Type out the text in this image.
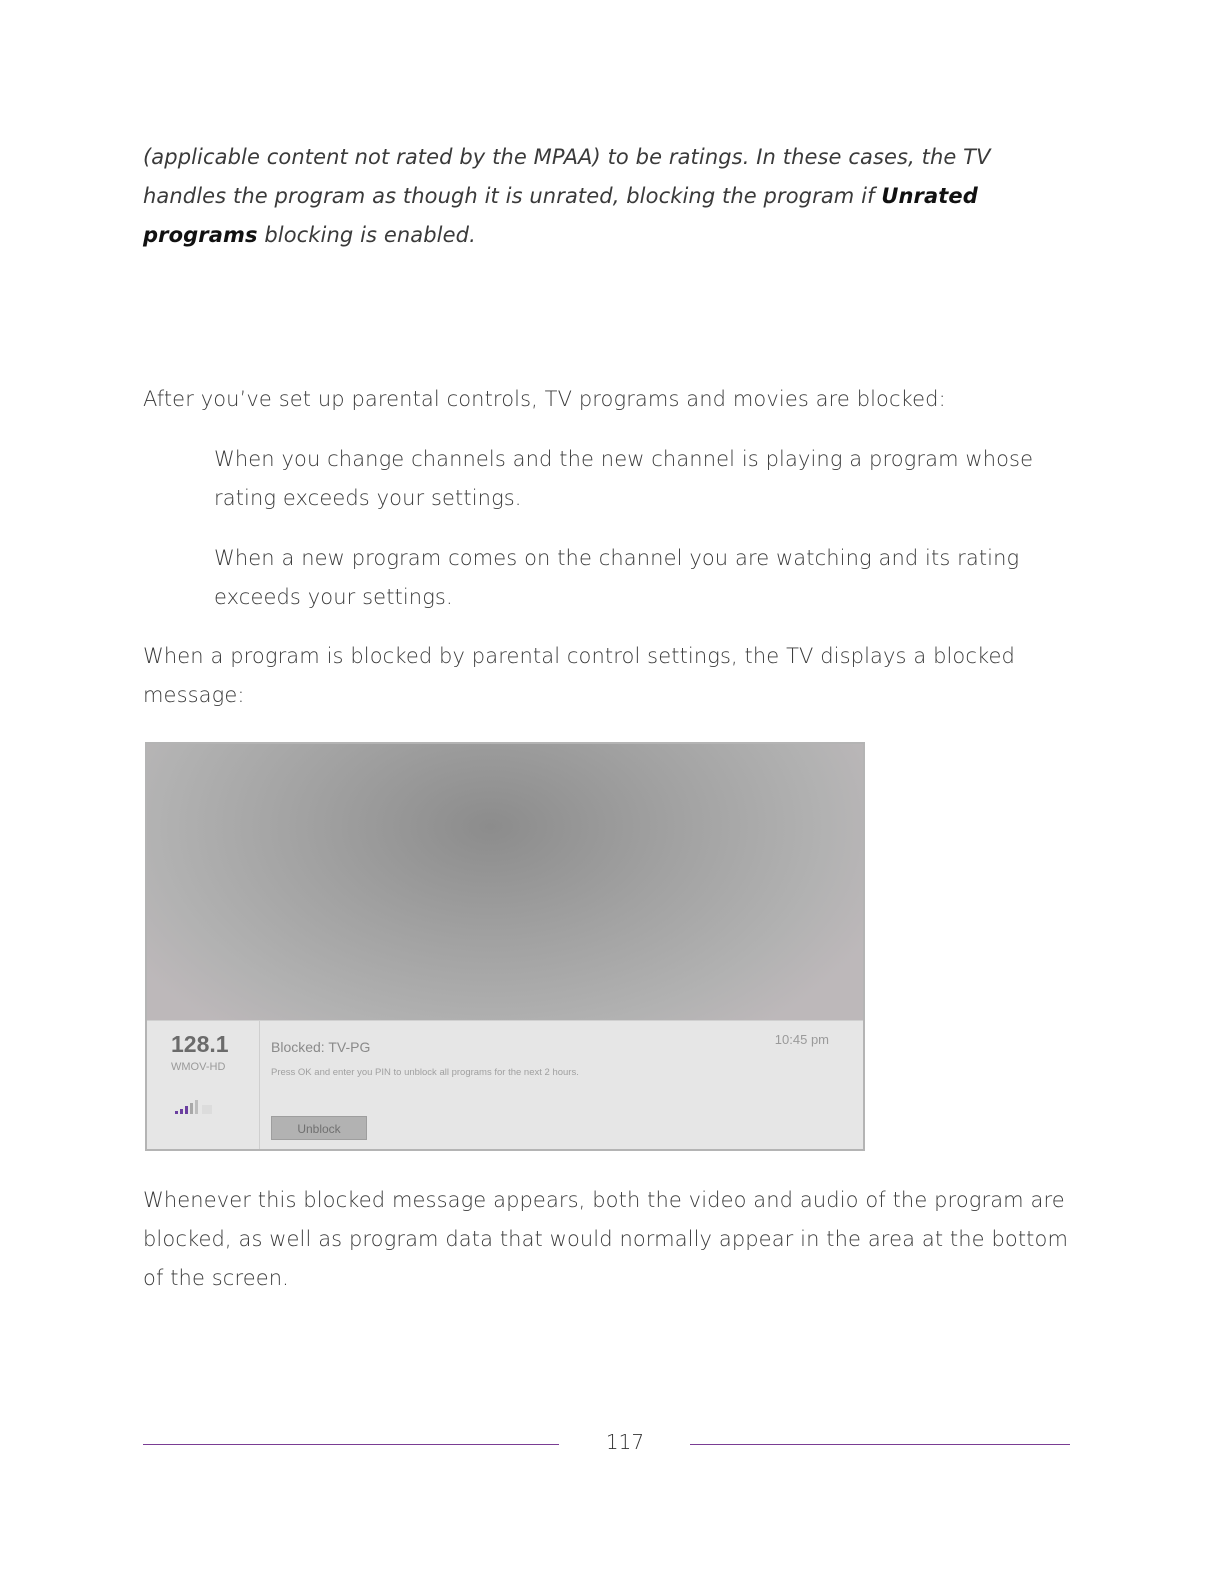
(applicable content not rated by the MPAA) to be ratings. In these cases, the TV handles the program as though it is unrated, blocking the program if Unrated programs blocking is enabled.

After you’ve set up parental controls, TV programs and movies are blocked:

When you change channels and the new channel is playing a program whose rating exceeds your settings.

When a new program comes on the channel you are watching and its rating exceeds your settings.

When a program is blocked by parental control settings, the TV displays a blocked message:

128.1
WMOV-HD
Blocked: TV-PG
Press OK and enter you PIN to unblock all programs for the next 2 hours.
Unblock
10:45 pm

Whenever this blocked message appears, both the video and audio of the program are blocked, as well as program data that would normally appear in the area at the bottom of the screen.

117
